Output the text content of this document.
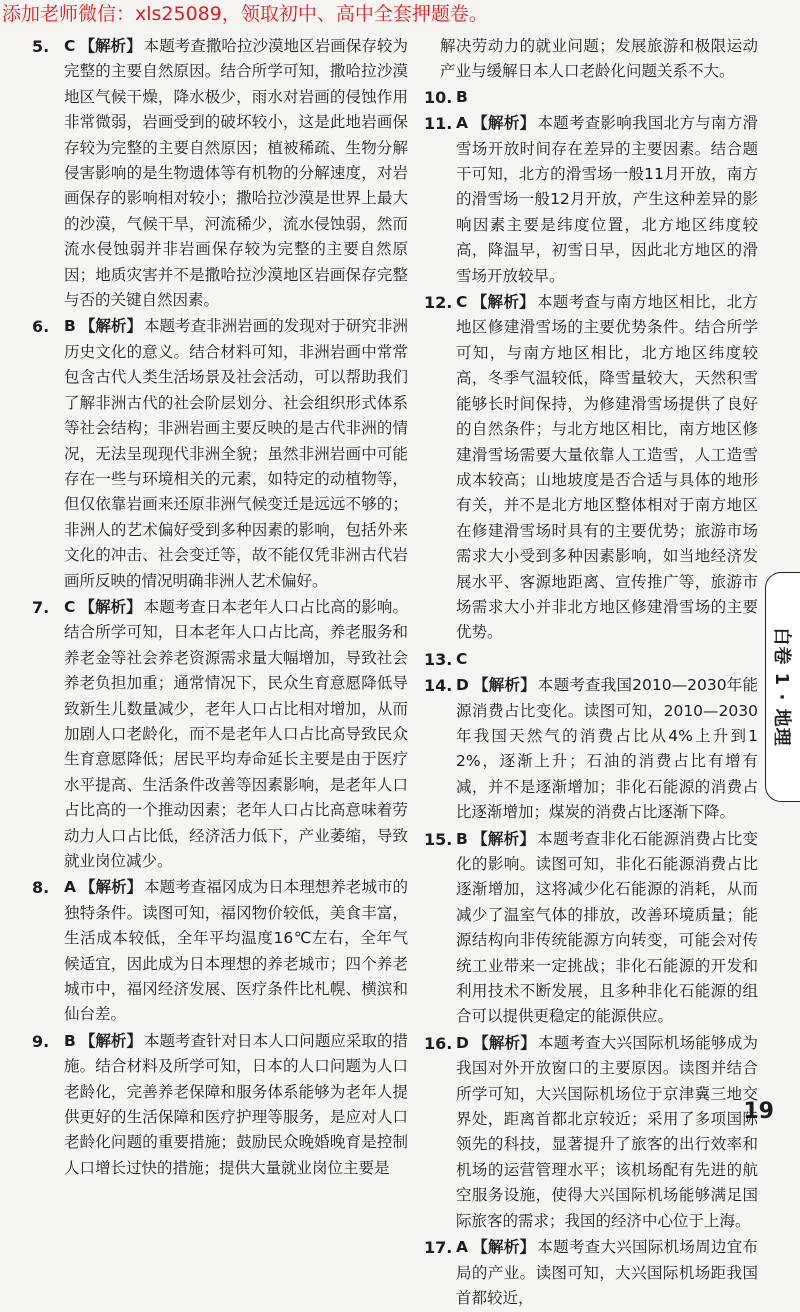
添加老师微信：xls25089，领取初中、高中全套押题卷。
5. C 【解析】 本题考查撒哈拉沙漠地区岩画保存较为完整的主要自然原因。结合所学可知，撒哈拉沙漠地区气候干燥，降水极少，雨水对岩画的侵蚀作用非常微弱，岩画受到的破坏较小，这是此地岩画保存较为完整的主要自然原因；植被稀疏、生物分解侵害影响的是生物遗体等有机物的分解速度，对岩画保存的影响相对较小；撒哈拉沙漠是世界上最大的沙漠，气候干旱，河流稀少，流水侵蚀弱，然而流水侵蚀弱并非岩画保存较为完整的主要自然原因；地质灾害并不是撒哈拉沙漠地区岩画保存完整与否的关键自然因素。
6. B 【解析】 本题考查非洲岩画的发现对于研究非洲历史文化的意义。结合材料可知，非洲岩画中常常包含古代人类生活场景及社会活动，可以帮助我们了解非洲古代的社会阶层划分、社会组织形式体系等社会结构；非洲岩画主要反映的是古代非洲的情况，无法呈现现代非洲全貌；虽然非洲岩画中可能存在一些与环境相关的元素，如特定的动植物等，但仅依靠岩画来还原非洲气候变迁是远远不够的；非洲人的艺术偏好受到多种因素的影响，包括外来文化的冲击、社会变迁等，故不能仅凭非洲古代岩画所反映的情况明确非洲人艺术偏好。
7. C 【解析】 本题考查日本老年人口占比高的影响。结合所学可知，日本老年人口占比高，养老服务和养老金等社会养老资源需求量大幅增加，导致社会养老负担加重；通常情况下，民众生育意愿降低导致新生儿数量减少，老年人口占比相对增加，从而加剧人口老龄化，而不是老年人口占比高导致民众生育意愿降低；居民平均寿命延长主要是由于医疗水平提高、生活条件改善等因素影响，是老年人口占比高的一个推动因素；老年人口占比高意味着劳动力人口占比低，经济活力低下，产业萎缩，导致就业岗位减少。
8. A 【解析】 本题考查福冈成为日本理想养老城市的独特条件。读图可知，福冈物价较低，美食丰富，生活成本较低，全年平均温度16℃左右，全年气候适宜，因此成为日本理想的养老城市；四个养老城市中，福冈经济发展、医疗条件比札幌、横滨和仙台差。
9. B 【解析】 本题考查针对日本人口问题应采取的措施。结合材料及所学可知，日本的人口问题为人口老龄化，完善养老保障和服务体系能够为老年人提供更好的生活保障和医疗护理等服务，是应对人口老龄化问题的重要措施；鼓励民众晚婚晚育是控制人口增长过快的措施；提供大量就业岗位主要是
解决劳动力的就业问题；发展旅游和极限运动产业与缓解日本人口老龄化问题关系不大。
10. B
11. A 【解析】 本题考查影响我国北方与南方滑雪场开放时间存在差异的主要因素。结合题干可知，北方的滑雪场一般11月开放，南方的滑雪场一般12月开放，产生这种差异的影响因素主要是纬度位置，北方地区纬度较高，降温早，初雪日早，因此北方地区的滑雪场开放较早。
12. C 【解析】 本题考查与南方地区相比，北方地区修建滑雪场的主要优势条件。结合所学可知，与南方地区相比，北方地区纬度较高，冬季气温较低，降雪量较大，天然积雪能够长时间保持，为修建滑雪场提供了良好的自然条件；与北方地区相比，南方地区修建滑雪场需要大量依靠人工造雪，人工造雪成本较高；山地坡度是否合适与具体的地形有关，并不是北方地区整体相对于南方地区在修建滑雪场时具有的主要优势；旅游市场需求大小受到多种因素影响，如当地经济发展水平、客源地距离、宣传推广等，旅游市场需求大小并非北方地区修建滑雪场的主要优势。
13. C
14. D 【解析】 本题考查我国2010—2030年能源消费占比变化。读图可知，2010—2030年我国天然气的消费占比从4%上升到12%，逐渐上升；石油的消费占比有增有减，并不是逐渐增加；非化石能源的消费占比逐渐增加；煤炭的消费占比逐渐下降。
15. B 【解析】 本题考查非化石能源消费占比变化的影响。读图可知，非化石能源消费占比逐渐增加，这将减少化石能源的消耗，从而减少了温室气体的排放，改善环境质量；能源结构向非传统能源方向转变，可能会对传统工业带来一定挑战；非化石能源的开发和利用技术不断发展，且多种非化石能源的组合可以提供更稳定的能源供应。
16. D 【解析】 本题考查大兴国际机场能够成为我国对外开放窗口的主要原因。读图并结合所学可知，大兴国际机场位于京津冀三地交界处，距离首都北京较近；采用了多项国际领先的科技，显著提升了旅客的出行效率和机场的运营管理水平；该机场配有先进的航空服务设施，使得大兴国际机场能够满足国际旅客的需求；我国的经济中心位于上海。
17. A 【解析】 本题考查大兴国际机场周边宜布局的产业。读图可知，大兴国际机场距我国首都较近，
白卷 1 · 地理
19
